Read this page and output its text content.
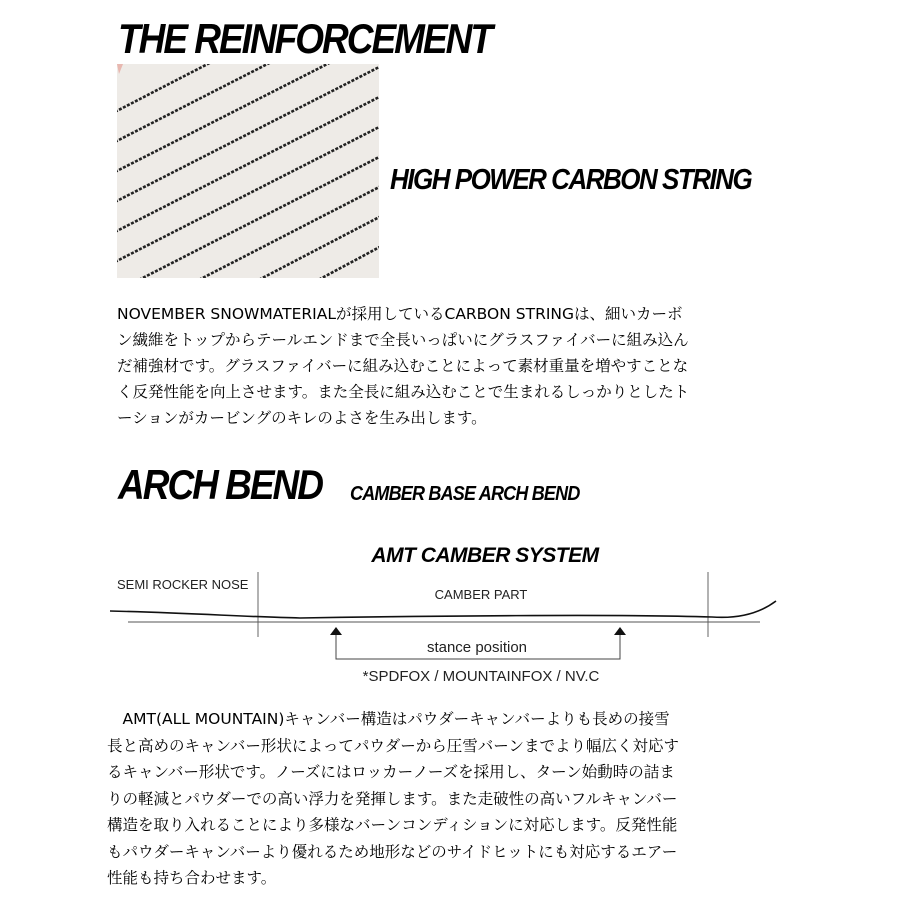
THE REINFORCEMENT
HIGH POWER CARBON STRING
NOVEMBER SNOWMATERIALが採用しているCARBON STRINGは、細いカーボ
ン繊維をトップからテールエンドまで全長いっぱいにグラスファイバーに組み込ん
だ補強材です。グラスファイバーに組み込むことによって素材重量を増やすことな
く反発性能を向上させます。また全長に組み込むことで生まれるしっかりとしたト
ーションがカービングのキレのよさを生み出します。
ARCH BEND CAMBER BASE ARCH BEND
AMT CAMBER SYSTEM
SEMI ROCKER NOSE
CAMBER PART
stance position
*SPDFOX / MOUNTAINFOX / NV.C
　AMT(ALL MOUNTAIN)キャンバー構造はパウダーキャンバーよりも長めの接雪
長と高めのキャンバー形状によってパウダーから圧雪バーンまでより幅広く対応す
るキャンバー形状です。ノーズにはロッカーノーズを採用し、ターン始動時の詰ま
りの軽減とパウダーでの高い浮力を発揮します。また走破性の高いフルキャンバー
構造を取り入れることにより多様なバーンコンディションに対応します。反発性能
もパウダーキャンバーより優れるため地形などのサイドヒットにも対応するエアー
性能も持ち合わせます。
